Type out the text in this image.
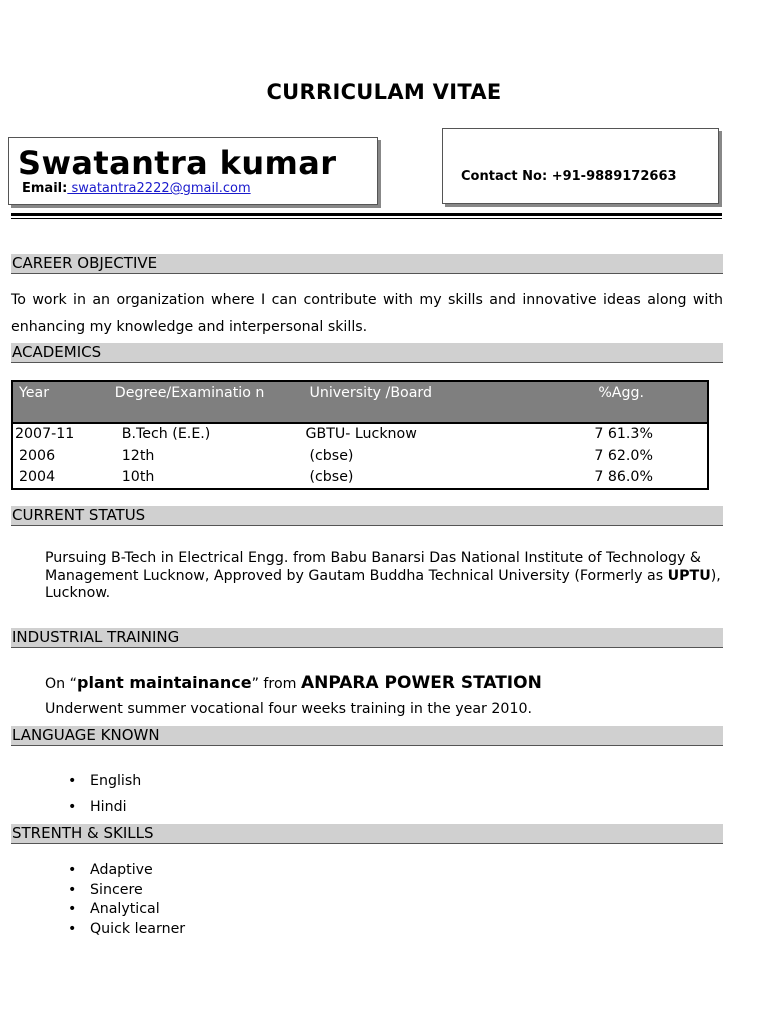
CURRICULAM VITAE
Swatantra kumar
Email: swatantra2222@gmail.com
Contact No: +91-9889172663
CAREER OBJECTIVE
To work in an organization where I can contribute with my skills and innovative ideas along with enhancing my knowledge and interpersonal skills.
ACADEMICS
Year	Degree/Examinatio n	University /Board	%Agg.
2007-11	B.Tech (E.E.)	GBTU- Lucknow	7 61.3%
2006	12th	(cbse)	7 62.0%
2004	10th	(cbse)	7 86.0%
CURRENT STATUS
Pursuing B-Tech in Electrical Engg. from Babu Banarsi Das National Institute of Technology & Management Lucknow, Approved by Gautam Buddha Technical University (Formerly as UPTU), Lucknow.
INDUSTRIAL TRAINING
On “plant maintainance” from ANPARA POWER STATION
Underwent summer vocational four weeks training in the year 2010.
LANGUAGE KNOWN
• English
• Hindi
STRENTH & SKILLS
• Adaptive
• Sincere
• Analytical
• Quick learner
